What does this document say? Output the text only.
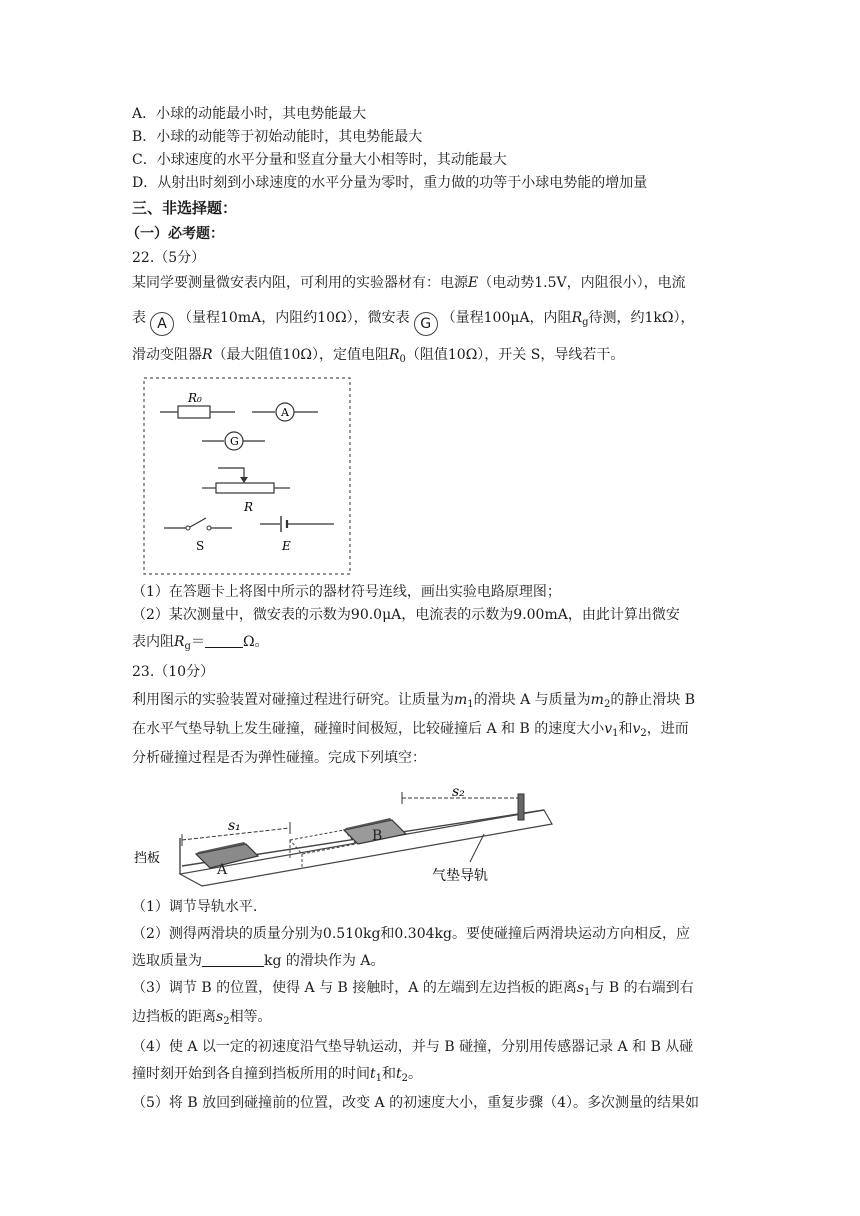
A．小球的动能最小时，其电势能最大
B．小球的动能等于初始动能时，其电势能最大
C．小球速度的水平分量和竖直分量大小相等时，其动能最大
D．从射出时刻到小球速度的水平分量为零时，重力做的功等于小球电势能的增加量
三、非选择题：
（一）必考题：
22.（5分）
某同学要测量微安表内阻，可利用的实验器材有：电源E（电动势1.5V，内阻很小），电流
表 A （量程10mA，内阻约10Ω），微安表 G （量程100μA，内阻$R_g$待测，约1kΩ），
滑动变阻器R（最大阻值10Ω），定值电阻$R_0$（阻值10Ω），开关 S，导线若干。
R₀
A
G
R
S	E
（1）在答题卡上将图中所示的器材符号连线，画出实验电路原理图；
（2）某次测量中，微安表的示数为90.0μA，电流表的示数为9.00mA，由此计算出微安
表内阻$R_g=$	Ω。
23.（10分）
利用图示的实验装置对碰撞过程进行研究。让质量为$m_1$的滑块 A 与质量为$m_2$的静止滑块 B
在水平气垫导轨上发生碰撞，碰撞时间极短，比较碰撞后 A 和 B 的速度大小$v_1$和$v_2$，进而
分析碰撞过程是否为弹性碰撞。完成下列填空：
A
B
s₁
s₂
挡板
气垫导轨
（1）调节导轨水平.
（2）测得两滑块的质量分别为0.510kg和0.304kg。要使碰撞后两滑块运动方向相反，应
选取质量为	kg 的滑块作为 A。
（3）调节 B 的位置，使得 A 与 B 接触时，A 的左端到左边挡板的距离$s_1$与 B 的右端到右
边挡板的距离$s_2$相等。
（4）使 A 以一定的初速度沿气垫导轨运动，并与 B 碰撞，分别用传感器记录 A 和 B 从碰
撞时刻开始到各自撞到挡板所用的时间$t_1$和$t_2$。
（5）将 B 放回到碰撞前的位置，改变 A 的初速度大小，重复步骤（4）。多次测量的结果如
